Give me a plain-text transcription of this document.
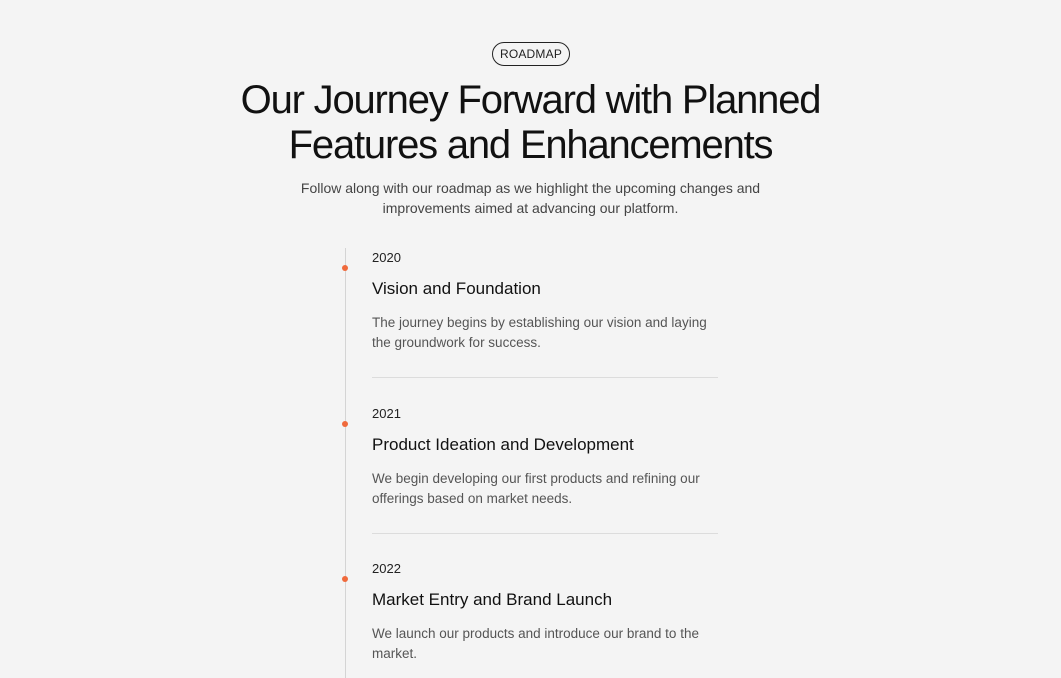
ROADMAP
Our Journey Forward with Planned
Features and Enhancements

Follow along with our roadmap as we highlight the upcoming changes and
improvements aimed at advancing our platform.

2020
Vision and Foundation
The journey begins by establishing our vision and laying the groundwork for success.
2021
Product Ideation and Development
We begin developing our first products and refining our offerings based on market needs.
2022
Market Entry and Brand Launch
We launch our products and introduce our brand to the market.
